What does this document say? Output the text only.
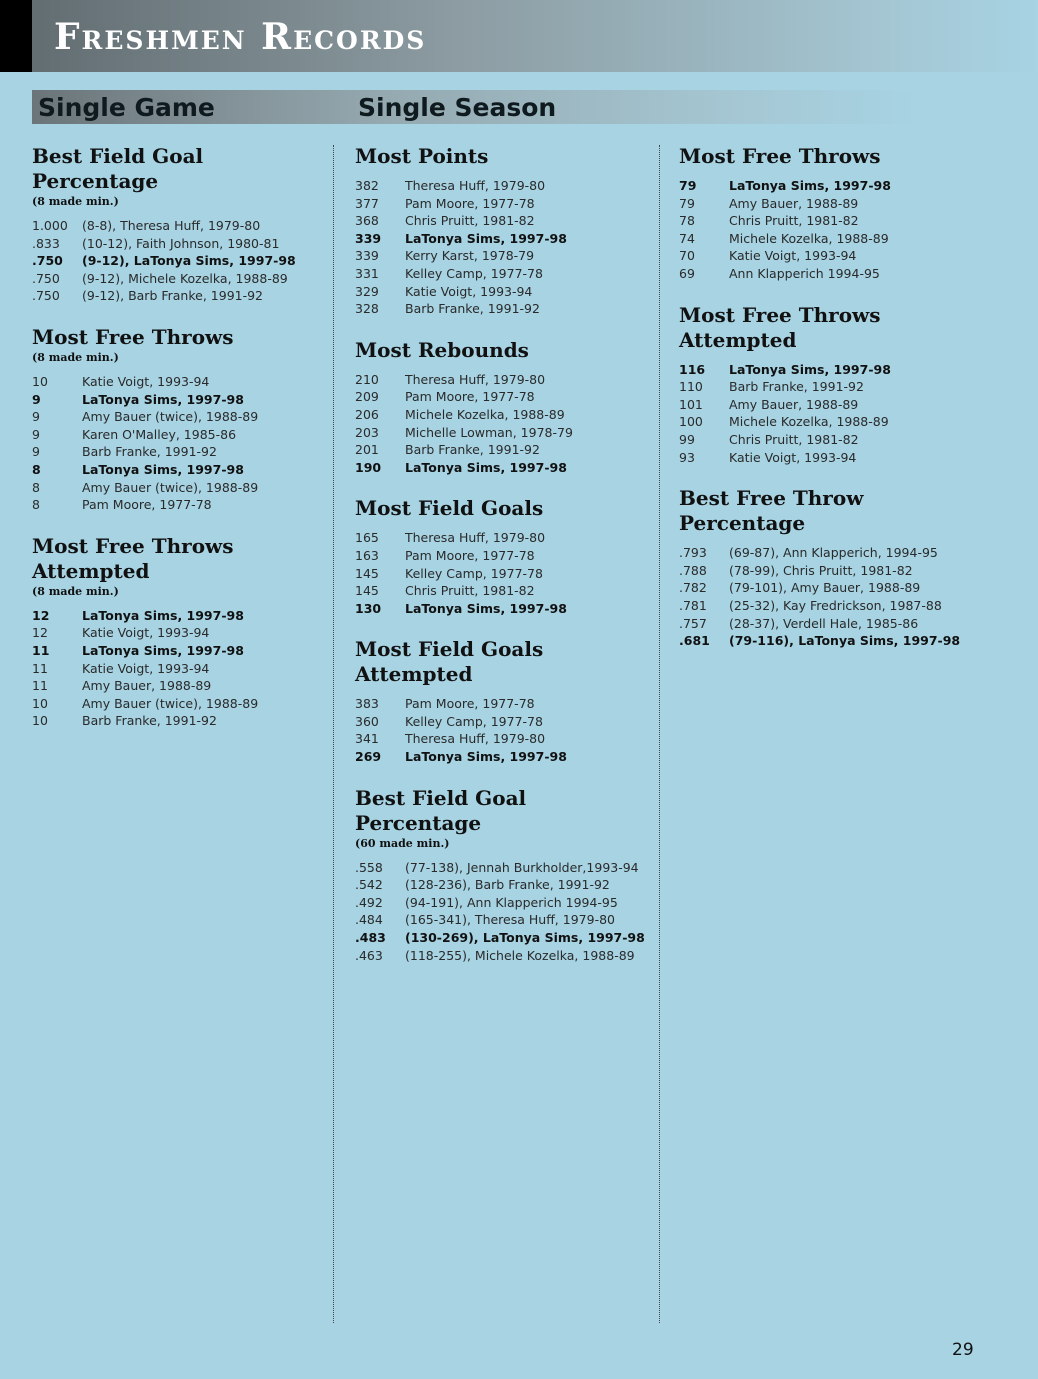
Freshmen Records
Single Game	Single Season
Best Field Goal Percentage
(8 made min.)
1.000	(8-8), Theresa Huff, 1979-80
.833	(10-12), Faith Johnson, 1980-81
.750	(9-12), LaTonya Sims, 1997-98
.750	(9-12), Michele Kozelka, 1988-89
.750	(9-12), Barb Franke, 1991-92
Most Free Throws
(8 made min.)
10	Katie Voigt, 1993-94
9	LaTonya Sims, 1997-98
9	Amy Bauer (twice), 1988-89
9	Karen O'Malley, 1985-86
9	Barb Franke, 1991-92
8	LaTonya Sims, 1997-98
8	Amy Bauer (twice), 1988-89
8	Pam Moore, 1977-78
Most Free Throws Attempted
(8 made min.)
12	LaTonya Sims, 1997-98
12	Katie Voigt, 1993-94
11	LaTonya Sims, 1997-98
11	Katie Voigt, 1993-94
11	Amy Bauer, 1988-89
10	Amy Bauer (twice), 1988-89
10	Barb Franke, 1991-92
Most Points
382	Theresa Huff, 1979-80
377	Pam Moore, 1977-78
368	Chris Pruitt, 1981-82
339	LaTonya Sims, 1997-98
339	Kerry Karst, 1978-79
331	Kelley Camp, 1977-78
329	Katie Voigt, 1993-94
328	Barb Franke, 1991-92
Most Rebounds
210	Theresa Huff, 1979-80
209	Pam Moore, 1977-78
206	Michele Kozelka, 1988-89
203	Michelle Lowman, 1978-79
201	Barb Franke, 1991-92
190	LaTonya Sims, 1997-98
Most Field Goals
165	Theresa Huff, 1979-80
163	Pam Moore, 1977-78
145	Kelley Camp, 1977-78
145	Chris Pruitt, 1981-82
130	LaTonya Sims, 1997-98
Most Field Goals Attempted
383	Pam Moore, 1977-78
360	Kelley Camp, 1977-78
341	Theresa Huff, 1979-80
269	LaTonya Sims, 1997-98
Best Field Goal Percentage
(60 made min.)
.558	(77-138), Jennah Burkholder,1993-94
.542	(128-236), Barb Franke, 1991-92
.492	(94-191), Ann Klapperich 1994-95
.484	(165-341), Theresa Huff, 1979-80
.483	(130-269), LaTonya Sims, 1997-98
.463	(118-255), Michele Kozelka, 1988-89
Most Free Throws
79	LaTonya Sims, 1997-98
79	Amy Bauer, 1988-89
78	Chris Pruitt, 1981-82
74	Michele Kozelka, 1988-89
70	Katie Voigt, 1993-94
69	Ann Klapperich 1994-95
Most Free Throws Attempted
116	LaTonya Sims, 1997-98
110	Barb Franke, 1991-92
101	Amy Bauer, 1988-89
100	Michele Kozelka, 1988-89
99	Chris Pruitt, 1981-82
93	Katie Voigt, 1993-94
Best Free Throw Percentage
.793	(69-87), Ann Klapperich, 1994-95
.788	(78-99), Chris Pruitt, 1981-82
.782	(79-101), Amy Bauer, 1988-89
.781	(25-32), Kay Fredrickson, 1987-88
.757	(28-37), Verdell Hale, 1985-86
.681	(79-116), LaTonya Sims, 1997-98
29
